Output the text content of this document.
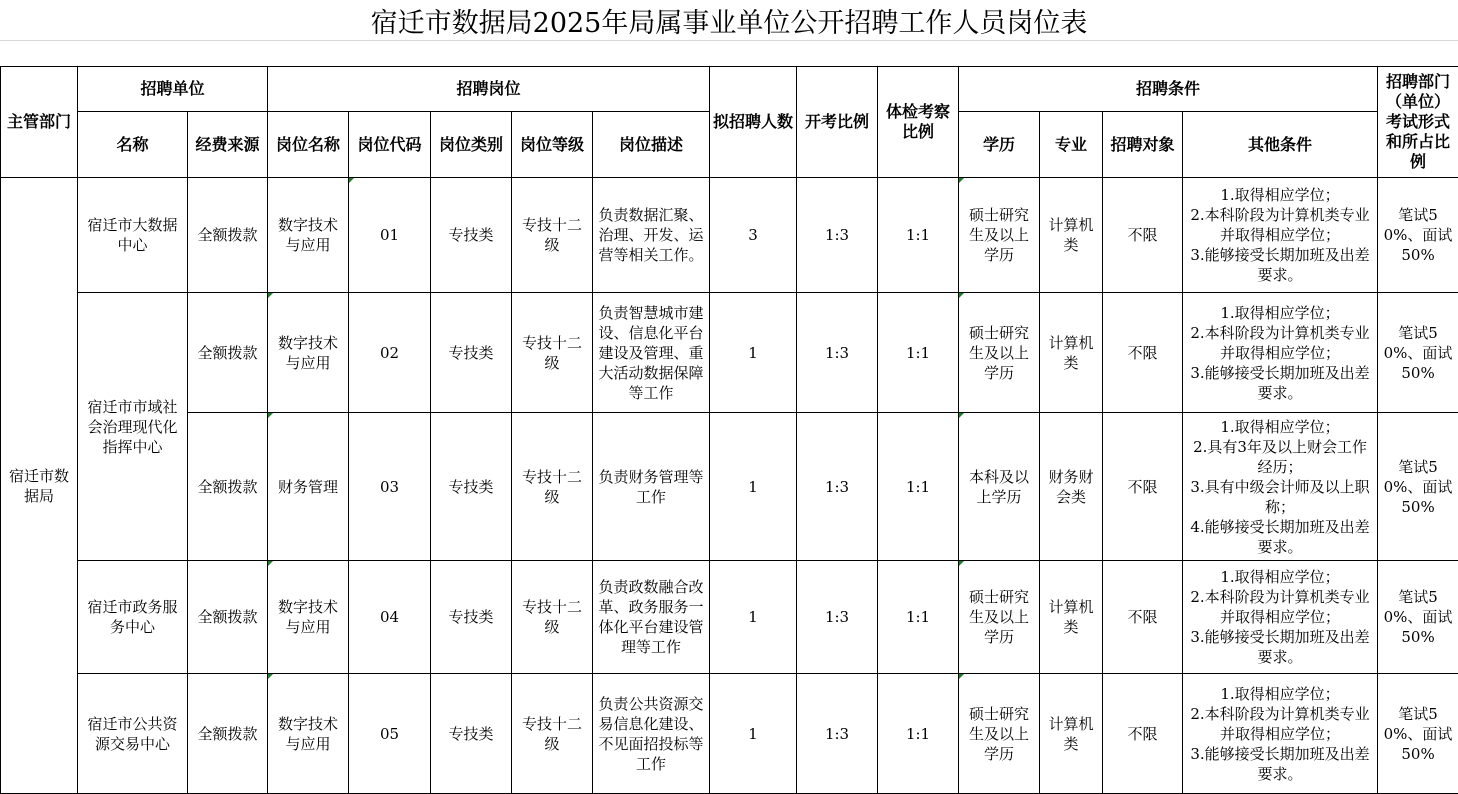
宿迁市数据局2025年局属事业单位公开招聘工作人员岗位表
主管部门	招聘单位		招聘岗位					拟招聘人数	开考比例	体检考察比例	招聘条件				招聘部门（单位）考试形式和所占比例
	名称	经费来源	岗位名称	岗位代码	岗位类别	岗位等级	岗位描述				学历	专业	招聘对象	其他条件	
宿迁市数据局	宿迁市大数据中心	全额拨款	数字技术与应用	01	专技类	专技十二级	负责数据汇聚、治理、开发、运营等相关工作。	3	1:3	1:1	硕士研究生及以上学历	计算机类	不限	1.取得相应学位；
2.本科阶段为计算机类专业并取得相应学位；
3.能够接受长期加班及出差要求。	笔试50%、面试50%
	宿迁市市域社会治理现代化指挥中心	全额拨款	数字技术与应用	02	专技类	专技十二级	负责智慧城市建设、信息化平台建设及管理、重大活动数据保障等工作	1	1:3	1:1	硕士研究生及以上学历	计算机类	不限	1.取得相应学位；
2.本科阶段为计算机类专业并取得相应学位；
3.能够接受长期加班及出差要求。	笔试50%、面试50%
		全额拨款	财务管理	03	专技类	专技十二级	负责财务管理等工作	1	1:3	1:1	本科及以上学历	财务财会类	不限	1.取得相应学位；
2.具有3年及以上财会工作经历；
3.具有中级会计师及以上职称；
4.能够接受长期加班及出差要求。	笔试50%、面试50%
	宿迁市政务服务中心	全额拨款	数字技术与应用	04	专技类	专技十二级	负责政数融合改革、政务服务一体化平台建设管理等工作	1	1:3	1:1	硕士研究生及以上学历	计算机类	不限	1.取得相应学位；
2.本科阶段为计算机类专业并取得相应学位；
3.能够接受长期加班及出差要求。	笔试50%、面试50%
	宿迁市公共资源交易中心	全额拨款	数字技术与应用	05	专技类	专技十二级	负责公共资源交易信息化建设、不见面招投标等工作	1	1:3	1:1	硕士研究生及以上学历	计算机类	不限	1.取得相应学位；
2.本科阶段为计算机类专业并取得相应学位；
3.能够接受长期加班及出差要求。	笔试50%、面试50%
